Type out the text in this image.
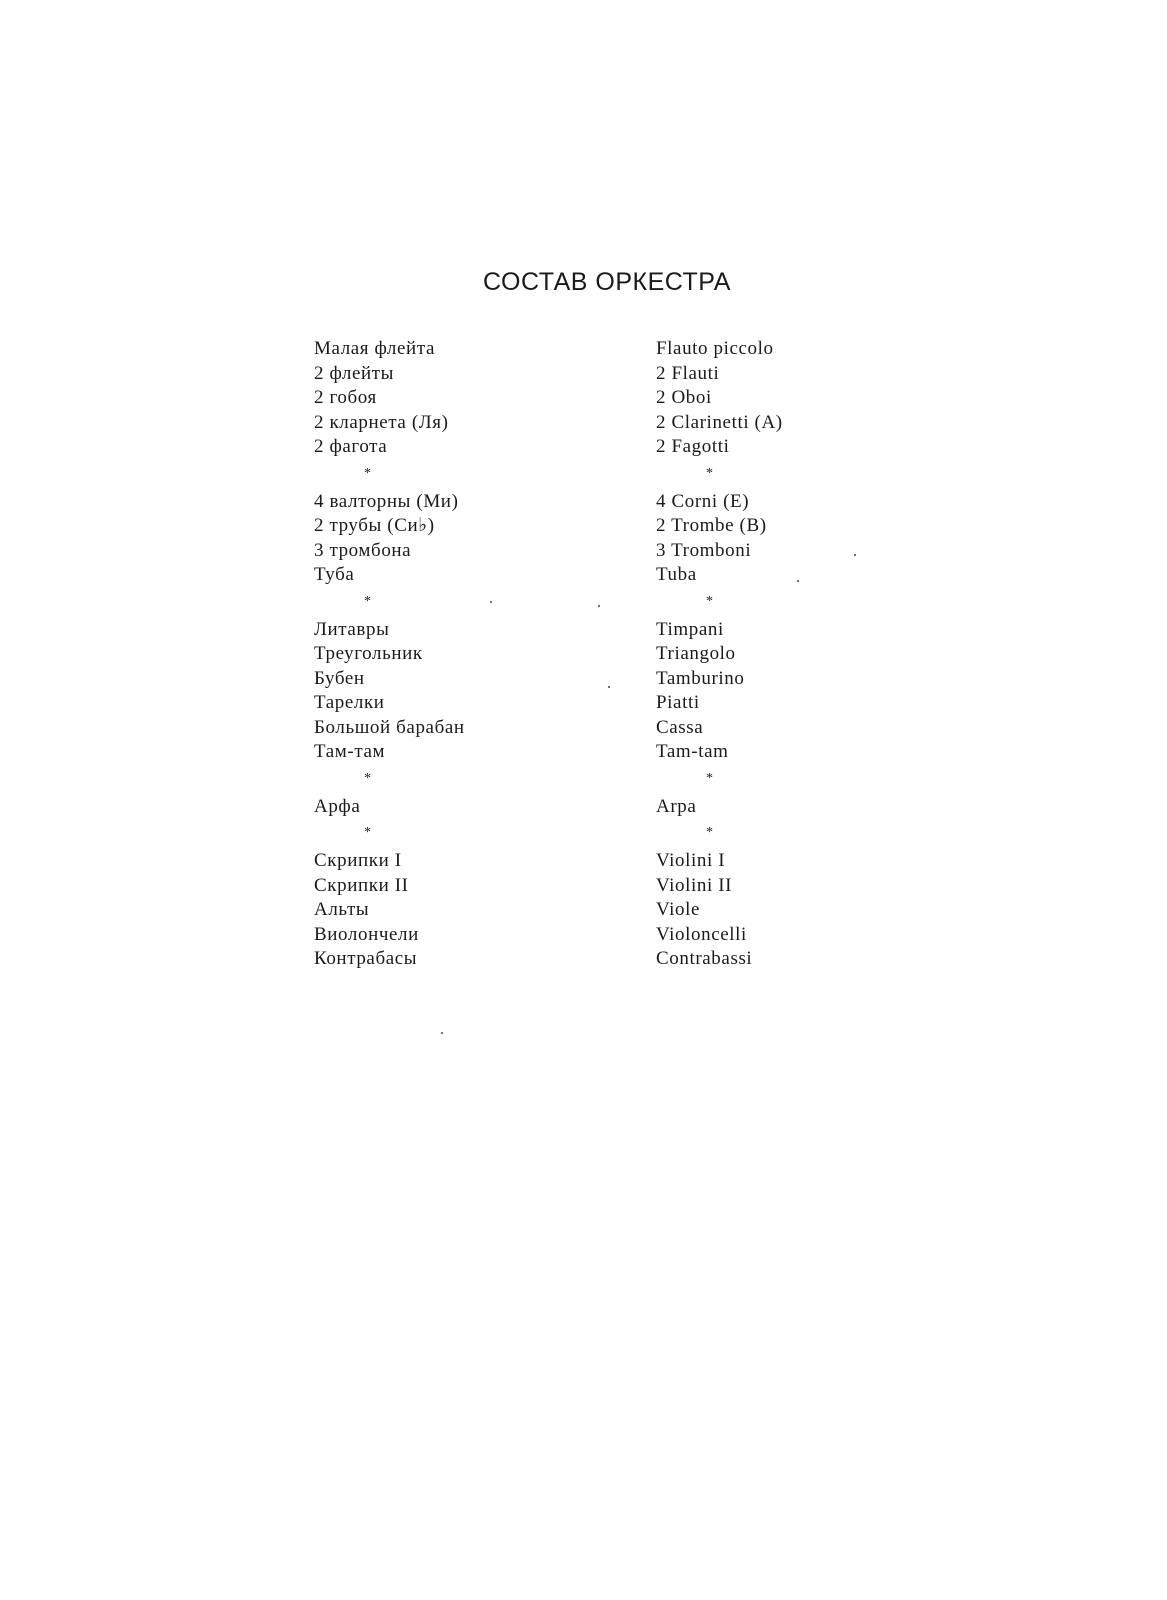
СОСТАВ ОРКЕСТРА
Малая флейта
2 флейты
2 гобоя
2 кларнета (Ля)
2 фагота
*
4 валторны (Ми)
2 трубы (Си♭)
3 тромбона
Туба
*
Литавры
Треугольник
Бубен
Тарелки
Большой барабан
Там-там
*
Арфа
*
Скрипки I
Скрипки II
Альты
Виолончели
Контрабасы
Flauto piccolo
2 Flauti
2 Oboi
2 Clarinetti (A)
2 Fagotti
*
4 Corni (E)
2 Trombe (B)
3 Tromboni
Tuba
*
Timpani
Triangolo
Tamburino
Piatti
Cassa
Tam-tam
*
Arpa
*
Violini I
Violini II
Viole
Violoncelli
Contrabassi
